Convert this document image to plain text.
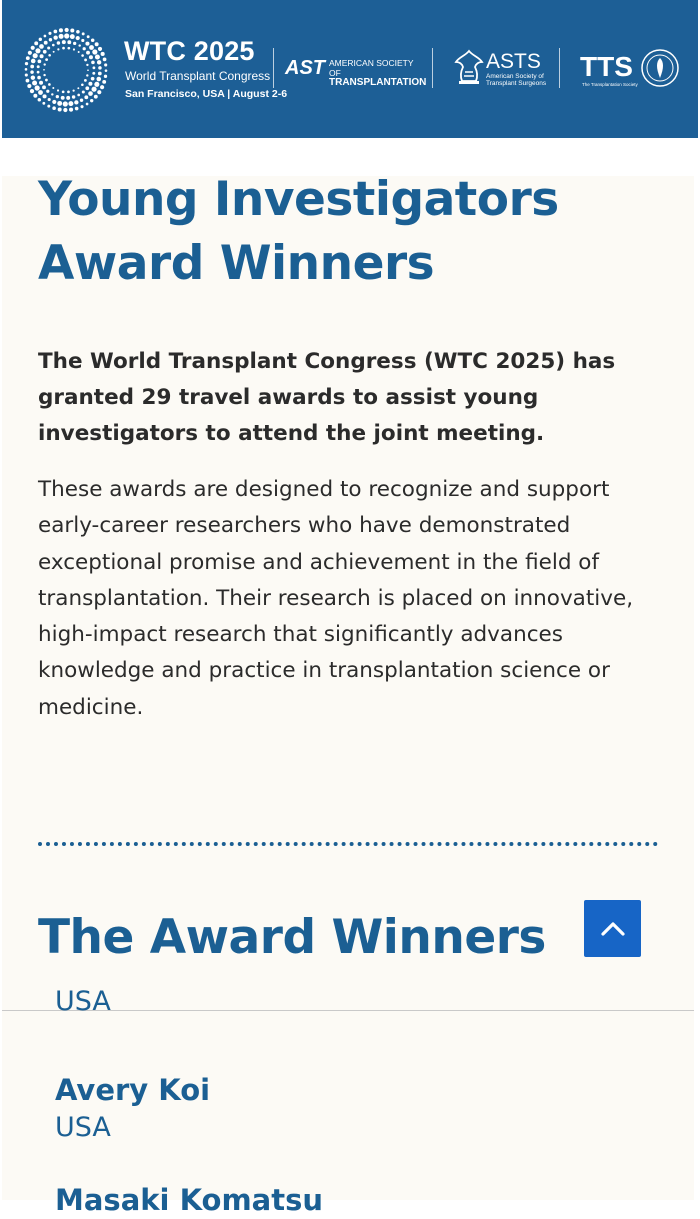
WTC 2025
World Transplant Congress
San Francisco, USA | August 2-6
AST AMERICAN SOCIETY OF
TRANSPLANTATION
ASTS
American Society of Transplant Surgeons
TTS
The Transplantation Society
Young Investigators Award Winners

The World Transplant Congress (WTC 2025) has granted 29 travel awards to assist young investigators to attend the joint meeting.

These awards are designed to recognize and support early-career researchers who have demonstrated exceptional promise and achievement in the field of transplantation. Their research is placed on innovative, high-impact research that significantly advances knowledge and practice in transplantation science or medicine.

The Award Winners
USA
Avery Koi
USA
Masaki Komatsu
